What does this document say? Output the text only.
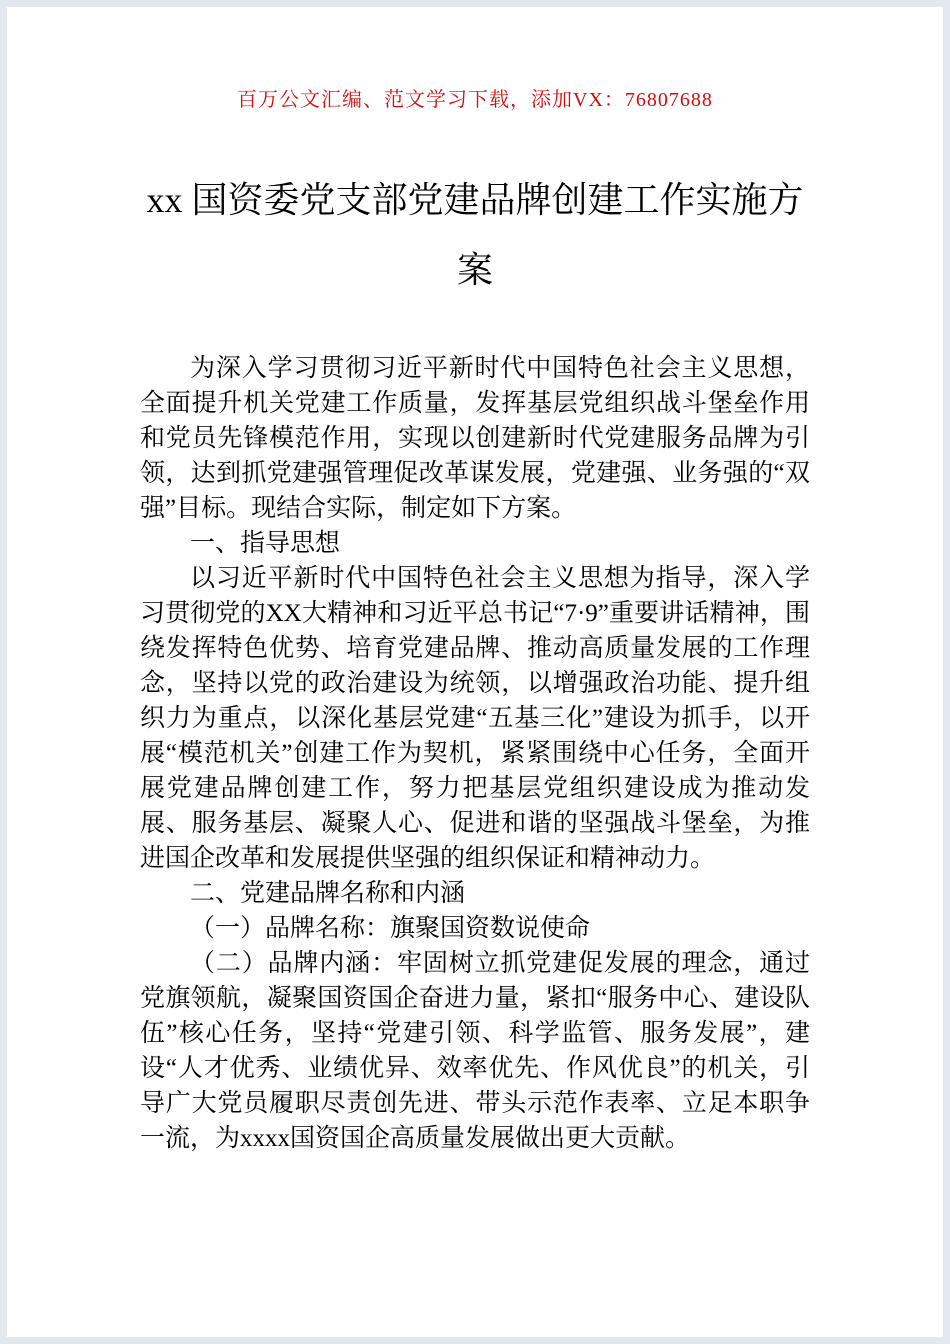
百万公文汇编、范文学习下载，添加VX：76807688
xx 国资委党支部党建品牌创建工作实施方案

为深入学习贯彻习近平新时代中国特色社会主义思想，全面提升机关党建工作质量，发挥基层党组织战斗堡垒作用和党员先锋模范作用，实现以创建新时代党建服务品牌为引领，达到抓党建强管理促改革谋发展，党建强、业务强的“双强”目标。现结合实际，制定如下方案。

一、指导思想

以习近平新时代中国特色社会主义思想为指导，深入学习贯彻党的XX大精神和习近平总书记“7·9”重要讲话精神，围绕发挥特色优势、培育党建品牌、推动高质量发展的工作理念，坚持以党的政治建设为统领，以增强政治功能、提升组织力为重点，以深化基层党建“五基三化”建设为抓手，以开展“模范机关”创建工作为契机，紧紧围绕中心任务，全面开展党建品牌创建工作，努力把基层党组织建设成为推动发展、服务基层、凝聚人心、促进和谐的坚强战斗堡垒，为推进国企改革和发展提供坚强的组织保证和精神动力。

二、党建品牌名称和内涵

（一）品牌名称：旗聚国资数说使命

（二）品牌内涵：牢固树立抓党建促发展的理念，通过党旗领航，凝聚国资国企奋进力量，紧扣“服务中心、建设队伍”核心任务，坚持“党建引领、科学监管、服务发展”，建设“人才优秀、业绩优异、效率优先、作风优良”的机关，引导广大党员履职尽责创先进、带头示范作表率、立足本职争一流，为xxxx国资国企高质量发展做出更大贡献。
